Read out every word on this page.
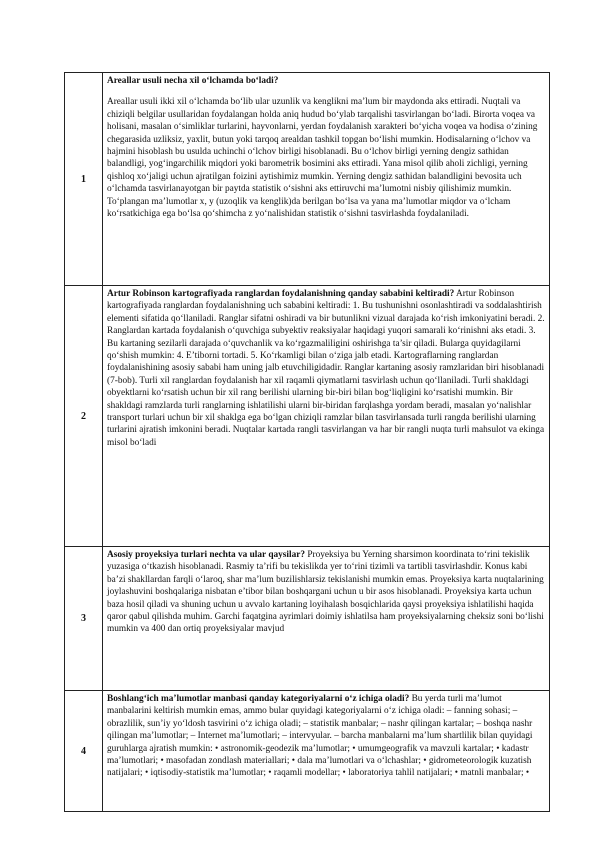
1	Areallar usuli necha xil o‘lchamda bo‘ladi?
Areallar usuli ikki xil o‘lchamda bo‘lib ular uzunlik va kenglikni ma’lum bir maydonda aks ettiradi. Nuqtali va chiziqli belgilar usullaridan foydalangan holda aniq hudud bo‘ylab tarqalishi tasvirlangan bo‘ladi. Birorta voqea va holisani, masalan o‘simliklar turlarini, hayvonlarni, yerdan foydalanish xarakteri bo‘yicha voqea va hodisa o‘zining chegarasida uzliksiz, yaxlit, butun yoki tarqoq arealdan tashkil topgan bo‘lishi mumkin. Hodisalarning o‘lchov va hajmini hisoblash bu usulda uchinchi o‘lchov birligi hisoblanadi. Bu o‘lchov birligi yerning dengiz sathidan balandligi, yog‘ingarchilik miqdori yoki barometrik bosimini aks ettiradi. Yana misol qilib aholi zichligi, yerning qishloq xo‘jaligi uchun ajratilgan foizini aytishimiz mumkin. Yerning dengiz sathidan balandligini bevosita uch o‘lchamda tasvirlanayotgan bir paytda statistik o‘sishni aks ettiruvchi ma’lumotni nisbiy qilishimiz mumkin. To‘plangan ma’lumotlar x, y (uzoqlik va kenglik)da berilgan bo‘lsa va yana ma’lumotlar miqdor va o‘lcham ko‘rsatkichiga ega bo‘lsa qo‘shimcha z yo‘nalishidan statistik o‘sishni tasvirlashda foydalaniladi.
2	Artur Robinson kartografiyada ranglardan foydalanishning qanday sababini keltiradi? Artur Robinson kartografiyada ranglardan foydalanishning uch sababini keltiradi: 1. Bu tushunishni osonlashtiradi va soddalashtirish elementi sifatida qo‘llaniladi. Ranglar sifatni oshiradi va bir butunlikni vizual darajada ko‘rish imkoniyatini beradi. 2. Ranglardan kartada foydalanish o‘quvchiga subyektiv reaksiyalar haqidagi yuqori samarali ko‘rinishni aks etadi. 3. Bu kartaning sezilarli darajada o‘quvchanlik va ko‘rgazmaliligini oshirishga ta’sir qiladi. Bularga quyidagilarni qo‘shish mumkin: 4. E’tiborni tortadi. 5. Ko‘rkamligi bilan o‘ziga jalb etadi. Kartograflarning ranglardan foydalanishining asosiy sababi ham uning jalb etuvchiligidadir. Ranglar kartaning asosiy ramzlaridan biri hisoblanadi (7-bob). Turli xil ranglardan foydalanish har xil raqamli qiymatlarni tasvirlash uchun qo‘llaniladi. Turli shakldagi obyektlarni ko‘rsatish uchun bir xil rang berilishi ularning bir-biri bilan bog‘liqligini ko‘rsatishi mumkin. Bir shakldagi ramzlarda turli ranglarning ishlatilishi ularni bir-biridan farqlashga yordam beradi, masalan yo‘nalishlar transport turlari uchun bir xil shaklga ega bo‘lgan chiziqli ramzlar bilan tasvirlansada turli rangda berilishi ularning turlarini ajratish imkonini beradi. Nuqtalar kartada rangli tasvirlangan va har bir rangli nuqta turli mahsulot va ekinga misol bo‘ladi
3	Asosiy proyeksiya turlari nechta va ular qaysilar? Proyeksiya bu Yerning sharsimon koordinata to‘rini tekislik yuzasiga o‘tkazish hisoblanadi. Rasmiy ta’rifi bu tekislikda yer to‘rini tizimli va tartibli tasvirlashdir. Konus kabi ba’zi shakllardan farqli o‘laroq, shar ma’lum buzilishlarsiz tekislanishi mumkin emas. Proyeksiya karta nuqtalarining joylashuvini boshqalariga nisbatan e’tibor bilan boshqargani uchun u bir asos hisoblanadi. Proyeksiya karta uchun baza hosil qiladi va shuning uchun u avvalo kartaning loyihalash bosqichlarida qaysi proyeksiya ishlatilishi haqida qaror qabul qilishda muhim. Garchi faqatgina ayrimlari doimiy ishlatilsa ham proyeksiyalarning cheksiz soni bo‘lishi mumkin va 400 dan ortiq proyeksiyalar mavjud
4	Boshlang‘ich ma’lumotlar manbasi qanday kategoriyalarni o‘z ichiga oladi? Bu yerda turli ma’lumot manbalarini keltirish mumkin emas, ammo bular quyidagi kategoriyalarni o‘z ichiga oladi: – fanning sohasi; – obrazlilik, sun’iy yo‘ldosh tasvirini o‘z ichiga oladi; – statistik manbalar; – nashr qilingan kartalar; – boshqa nashr qilingan ma’lumotlar; – Internet ma’lumotlari; – intervyular. – barcha manbalarni ma’lum shartlilik bilan quyidagi guruhlarga ajratish mumkin: • astronomik-geodezik ma’lumotlar; • umumgeografik va mavzuli kartalar; • kadastr ma’lumotlari; • masofadan zondlash materiallari; • dala ma’lumotlari va o‘lchashlar; • gidrometeorologik kuzatish natijalari; • iqtisodiy-statistik ma’lumotlar; • raqamli modellar; • laboratoriya tahlil natijalari; • matnli manbalar; •
